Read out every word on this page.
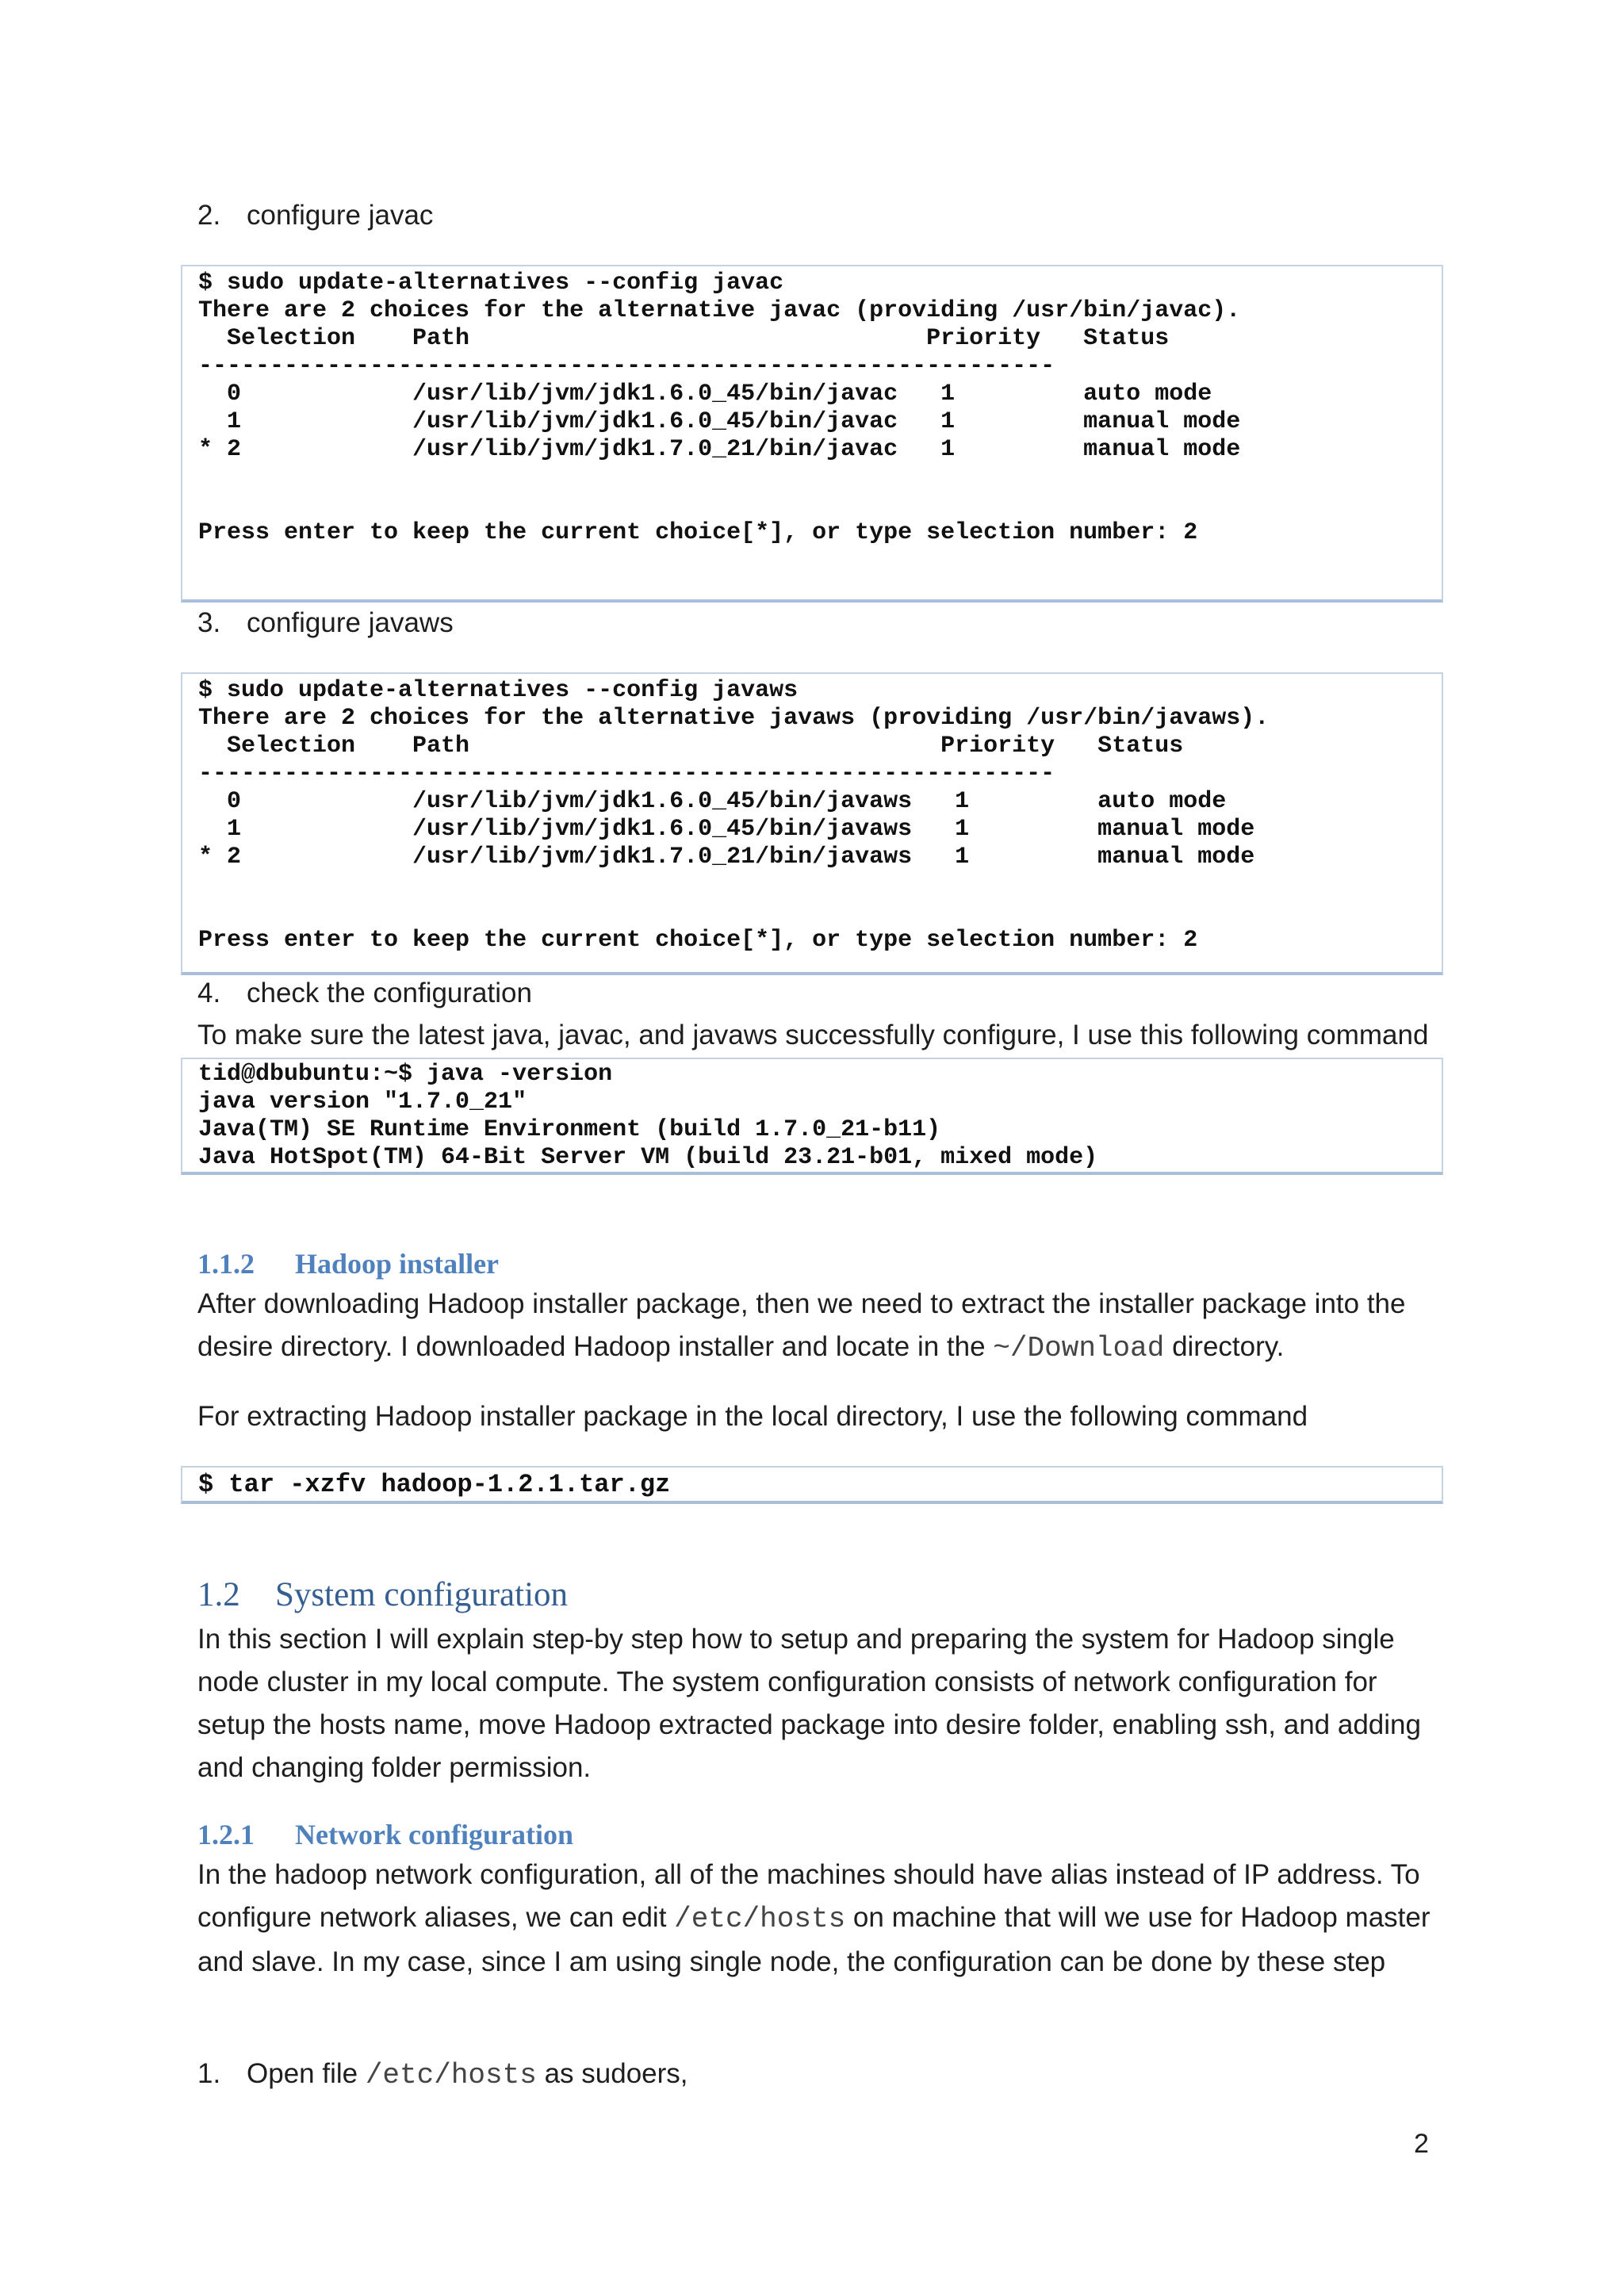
2. configure javac
$ sudo update-alternatives --config javac
There are 2 choices for the alternative javac (providing /usr/bin/javac).
Selection    Path                                Priority   Status
------------------------------------------------------------
0            /usr/lib/jvm/jdk1.6.0_45/bin/javac   1         auto mode
1            /usr/lib/jvm/jdk1.6.0_45/bin/javac   1         manual mode
* 2            /usr/lib/jvm/jdk1.7.0_21/bin/javac   1         manual mode

Press enter to keep the current choice[*], or type selection number: 2
3. configure javaws
$ sudo update-alternatives --config javaws
There are 2 choices for the alternative javaws (providing /usr/bin/javaws).
Selection    Path                                 Priority   Status
------------------------------------------------------------
0            /usr/lib/jvm/jdk1.6.0_45/bin/javaws   1         auto mode
1            /usr/lib/jvm/jdk1.6.0_45/bin/javaws   1         manual mode
* 2            /usr/lib/jvm/jdk1.7.0_21/bin/javaws   1         manual mode

Press enter to keep the current choice[*], or type selection number: 2
4. check the configuration
To make sure the latest java, javac, and javaws successfully configure, I use this following command
tid@dbubuntu:~$ java -version
java version "1.7.0_21"
Java(TM) SE Runtime Environment (build 1.7.0_21-b11)
Java HotSpot(TM) 64-Bit Server VM (build 23.21-b01, mixed mode)
1.1.2 Hadoop installer
After downloading Hadoop installer package, then we need to extract the installer package into the desire directory. I downloaded Hadoop installer and locate in the ~/Download directory.
For extracting Hadoop installer package in the local directory, I use the following command
$ tar -xzfv hadoop-1.2.1.tar.gz
1.2 System configuration
In this section I will explain step-by step how to setup and preparing the system for Hadoop single node cluster in my local compute. The system configuration consists of network configuration for setup the hosts name, move Hadoop extracted package into desire folder, enabling ssh, and adding and changing folder permission.
1.2.1 Network configuration
In the hadoop network configuration, all of the machines should have alias instead of IP address. To configure network aliases, we can edit /etc/hosts on machine that will we use for Hadoop master and slave. In my case, since I am using single node, the configuration can be done by these step
1. Open file /etc/hosts as sudoers,
2
